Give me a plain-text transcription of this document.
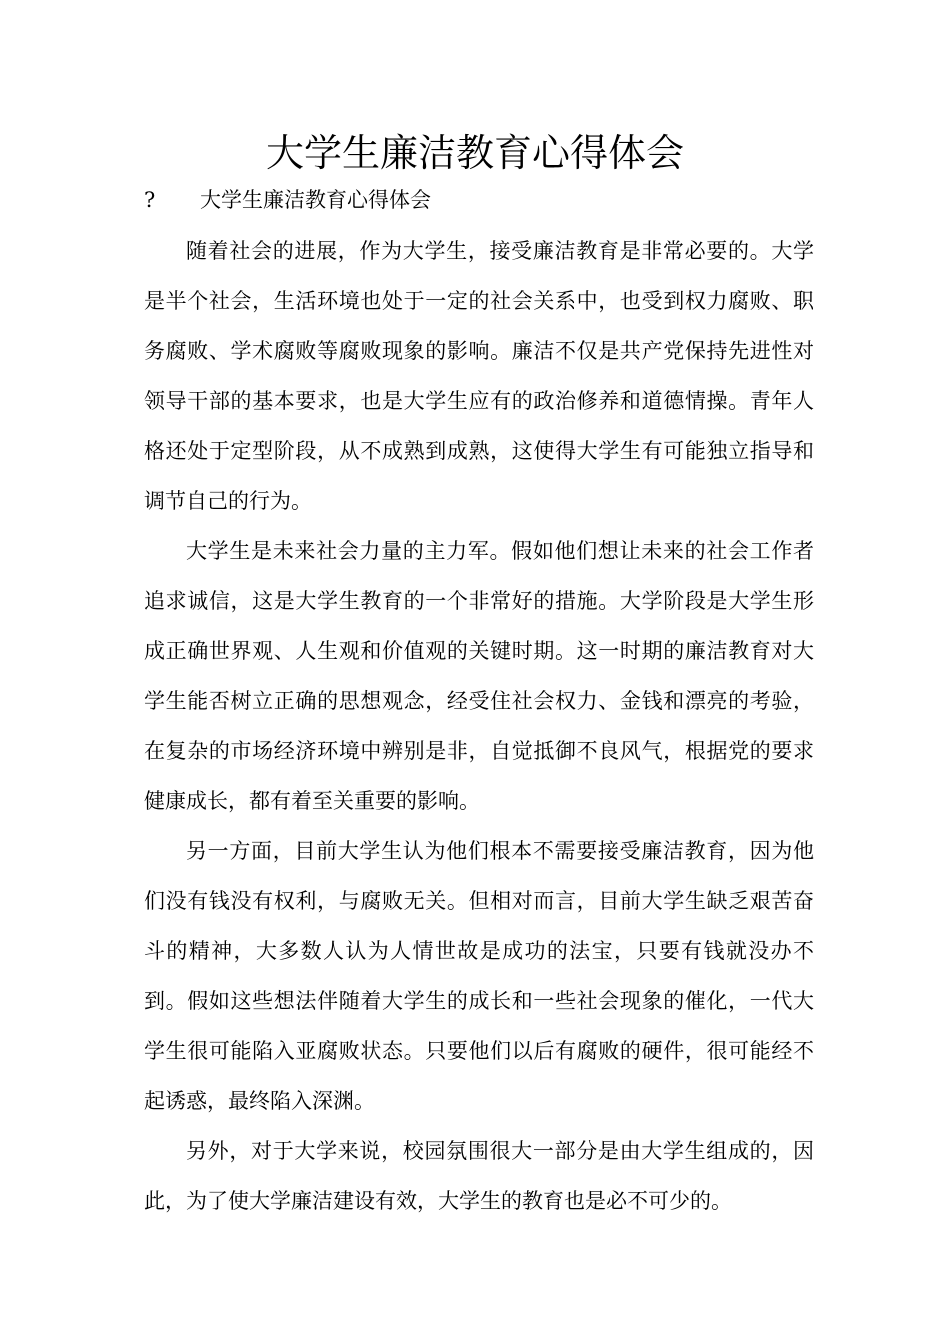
大学生廉洁教育心得体会
? 大学生廉洁教育心得体会

随着社会的进展，作为大学生，接受廉洁教育是非常必要的。大学是半个社会，生活环境也处于一定的社会关系中，也受到权力腐败、职务腐败、学术腐败等腐败现象的影响。廉洁不仅是共产党保持先进性对领导干部的基本要求，也是大学生应有的政治修养和道德情操。青年人格还处于定型阶段，从不成熟到成熟，这使得大学生有可能独立指导和调节自己的行为。

大学生是未来社会力量的主力军。假如他们想让未来的社会工作者追求诚信，这是大学生教育的一个非常好的措施。大学阶段是大学生形成正确世界观、人生观和价值观的关键时期。这一时期的廉洁教育对大学生能否树立正确的思想观念，经受住社会权力、金钱和漂亮的考验，在复杂的市场经济环境中辨别是非，自觉抵御不良风气，根据党的要求健康成长，都有着至关重要的影响。

另一方面，目前大学生认为他们根本不需要接受廉洁教育，因为他们没有钱没有权利，与腐败无关。但相对而言，目前大学生缺乏艰苦奋斗的精神，大多数人认为人情世故是成功的法宝，只要有钱就没办不到。假如这些想法伴随着大学生的成长和一些社会现象的催化，一代大学生很可能陷入亚腐败状态。只要他们以后有腐败的硬件，很可能经不起诱惑，最终陷入深渊。

另外，对于大学来说，校园氛围很大一部分是由大学生组成的，因此，为了使大学廉洁建设有效，大学生的教育也是必不可少的。
